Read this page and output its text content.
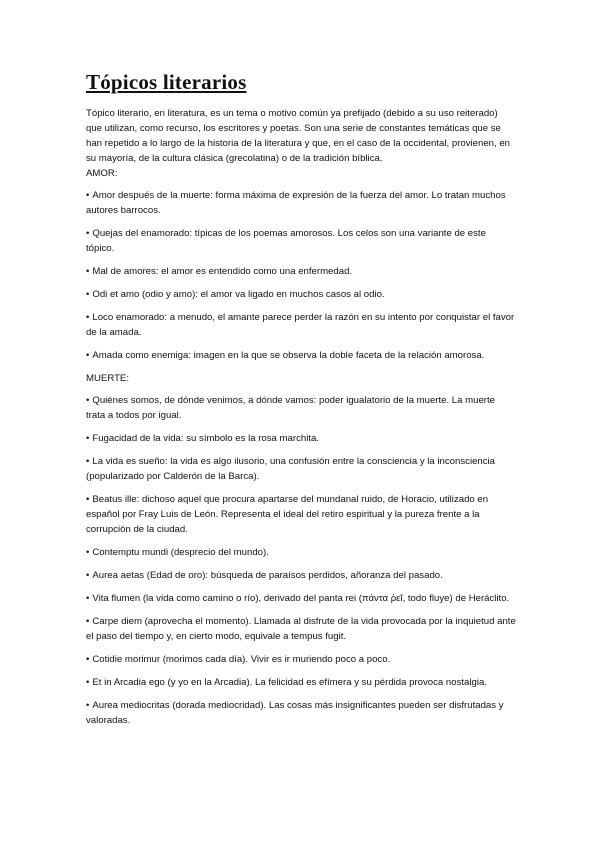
Tópicos literarios

Tópico literario, en literatura, es un tema o motivo común ya prefijado (debido a su uso reiterado) que utilizan, como recurso, los escritores y poetas. Son una serie de constantes temáticas que se han repetido a lo largo de la historia de la literatura y que, en el caso de la occidental, provienen, en su mayoría, de la cultura clásica (grecolatina) o de la tradición bíblica.

AMOR:

• Amor después de la muerte: forma máxima de expresión de la fuerza del amor. Lo tratan muchos autores barrocos.

• Quejas del enamorado: típicas de los poemas amorosos. Los celos son una variante de este tópico.

• Mal de amores: el amor es entendido como una enfermedad.

• Odi et amo (odio y amo): el amor va ligado en muchos casos al odio.

• Loco enamorado: a menudo, el amante parece perder la razón en su intento por conquistar el favor de la amada.

• Amada como enemiga: imagen en la que se observa la doble faceta de la relación amorosa.

MUERTE:

• Quiénes somos, de dónde venimos, a dónde vamos: poder igualatorio de la muerte. La muerte trata a todos por igual.

• Fugacidad de la vida: su símbolo es la rosa marchita.

• La vida es sueño: la vida es algo ilusorio, una confusión entre la consciencia y la inconsciencia (popularizado por Calderón de la Barca).

• Beatus ille: dichoso aquel que procura apartarse del mundanal ruido, de Horacio, utilizado en español por Fray Luis de León. Representa el ideal del retiro espiritual y la pureza frente a la corrupción de la ciudad.

• Contemptu mundi (desprecio del mundo).

• Aurea aetas (Edad de oro): búsqueda de paraísos perdidos, añoranza del pasado.

• Vita flumen (la vida como camino o río), derivado del panta rei (πάντα ῥεῖ, todo fluye) de Heráclito.

• Carpe diem (aprovecha el momento). Llamada al disfrute de la vida provocada por la inquietud ante el paso del tiempo y, en cierto modo, equivale a tempus fugit.

• Cotidie morimur (morimos cada día). Vivir es ir muriendo poco a poco.

• Et in Arcadia ego (y yo en la Arcadia). La felicidad es efímera y su pérdida provoca nostalgia.

• Aurea mediocritas (dorada mediocridad). Las cosas más insignificantes pueden ser disfrutadas y valoradas.
